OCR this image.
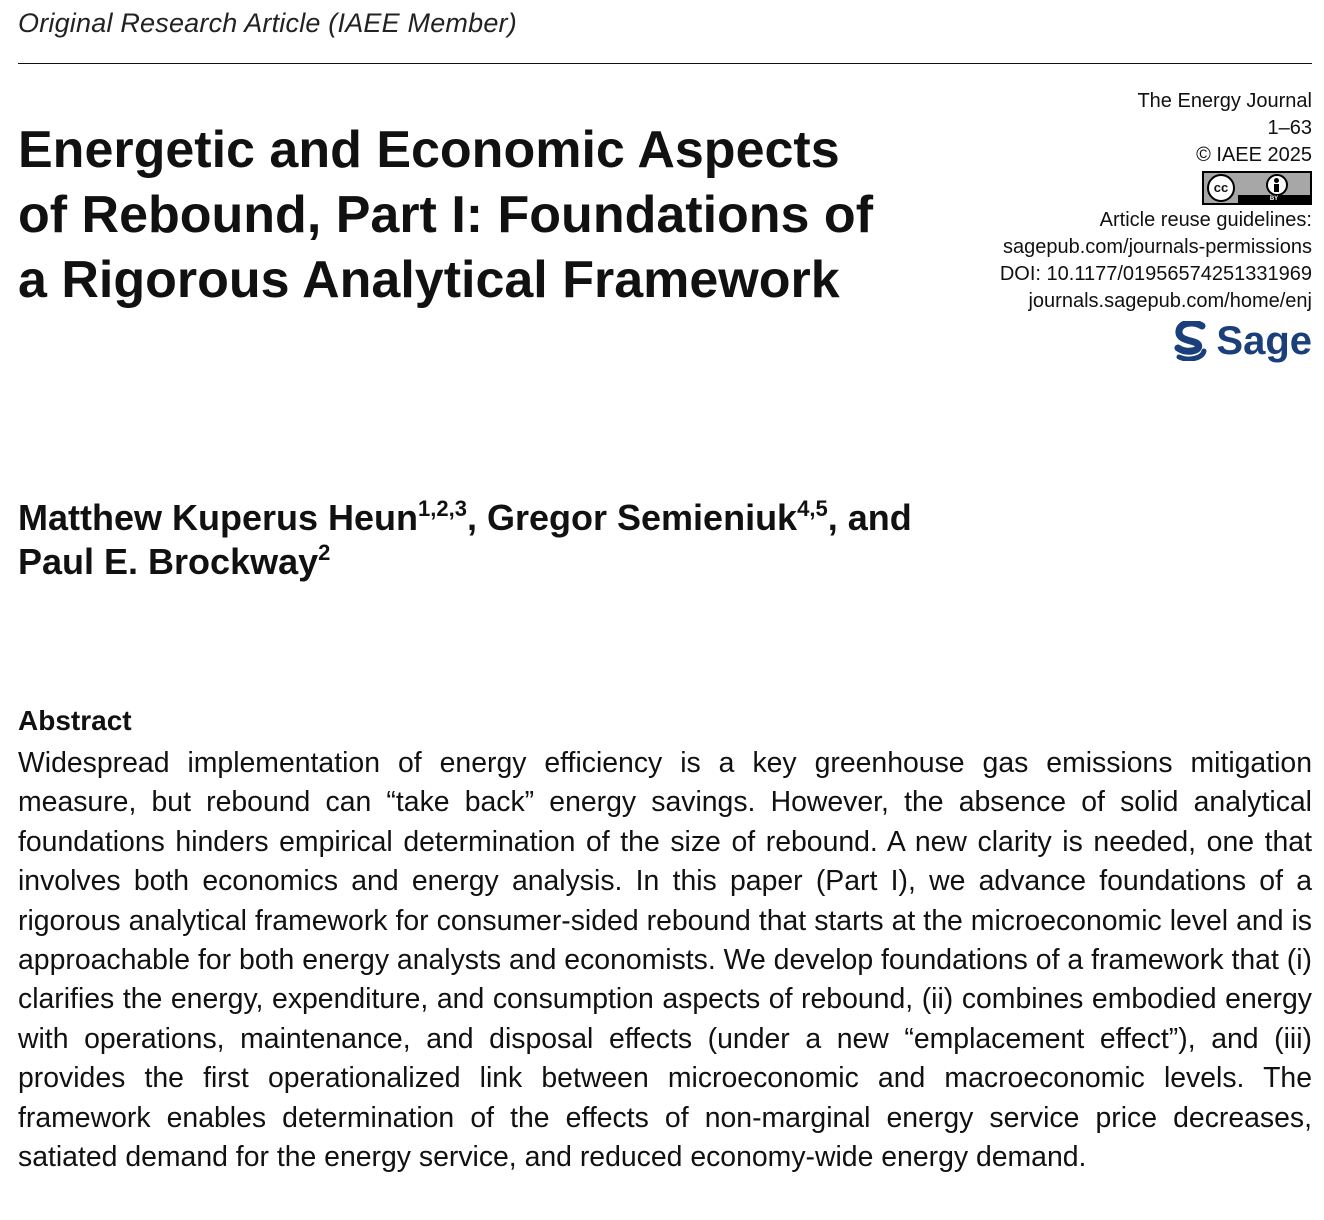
Original Research Article (IAEE Member)
Energetic and Economic Aspects of Rebound, Part I: Foundations of a Rigorous Analytical Framework
The Energy Journal
1–63
© IAEE 2025
cc
BY
Article reuse guidelines:
sagepub.com/journals-permissions
DOI: 10.1177/01956574251331969
journals.sagepub.com/home/enj
Sage

Matthew Kuperus Heun$^{1,2,3}$, Gregor Semieniuk$^{4,5}$, and
Paul E. Brockway$^2$

Abstract

Widespread implementation of energy efficiency is a key greenhouse gas emissions mitigation measure, but rebound can “take back” energy savings. However, the absence of solid analytical foundations hinders empirical determination of the size of rebound. A new clarity is needed, one that involves both economics and energy analysis. In this paper (Part I), we advance foundations of a rigorous analytical framework for consumer-sided rebound that starts at the microeconomic level and is approachable for both energy analysts and economists. We develop foundations of a framework that (i) clarifies the energy, expenditure, and consumption aspects of rebound, (ii) combines embodied energy with operations, maintenance, and disposal effects (under a new “emplacement effect”), and (iii) provides the first operationalized link between microeconomic and macroeconomic levels. The framework enables determination of the effects of non-marginal energy service price decreases, satiated demand for the energy service, and reduced economy-wide energy demand.
